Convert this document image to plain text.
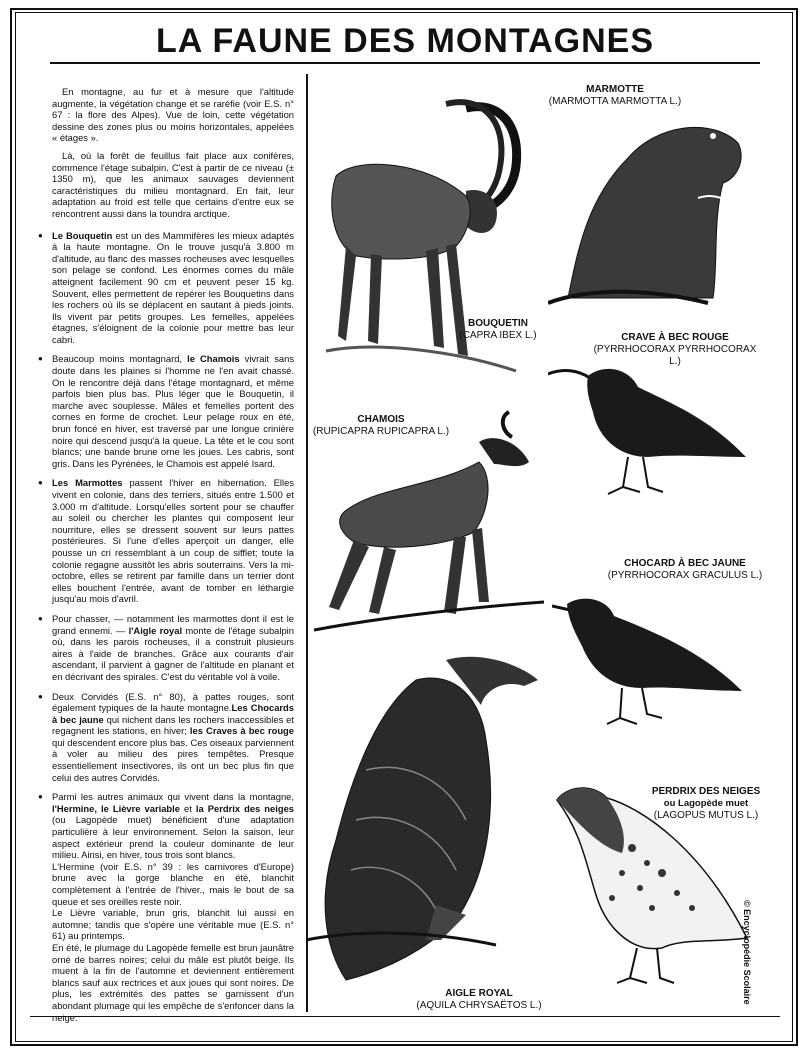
LA FAUNE DES MONTAGNES

En montagne, au fur et à mesure que l'altitude augmente, la végétation change et se raréfie (voir E.S. n° 67 : la flore des Alpes). Vue de loin, cette végétation dessine des zones plus ou moins horizontales, appelées « étages ».

Là, où la forêt de feuillus fait place aux conifères, commence l'étage subalpin. C'est à partir de ce niveau (± 1350 m), que les animaux sauvages deviennent caractéristiques du milieu montagnard. En fait, leur adaptation au froid est telle que certains d'entre eux se rencontrent aussi dans la toundra arctique.

● Le Bouquetin est un des Mammifères les mieux adaptés à la haute montagne. On le trouve jusqu'à 3.800 m d'altitude, au flanc des masses rocheuses avec lesquelles son pelage se confond. Les énormes cornes du mâle atteignent facilement 90 cm et peuvent peser 15 kg. Souvent, elles permettent de repérer les Bouquetins dans les rochers où ils se déplacent en sautant à pieds joints. Ils vivent par petits groupes. Les femelles, appelées étagnes, s'éloignent de la colonie pour mettre bas leur cabri.

● Beaucoup moins montagnard, le Chamois vivrait sans doute dans les plaines si l'homme ne l'en avait chassé. On le rencontre déjà dans l'étage montagnard, et même parfois bien plus bas. Plus léger que le Bouquetin, il marche avec souplesse. Mâles et femelles portent des cornes en forme de crochet. Leur pelage roux en été, brun foncé en hiver, est traversé par une longue crinière noire qui descend jusqu'à la queue. La tête et le cou sont blancs; une bande brune orne les joues. Les cabris, sont gris. Dans les Pyrénées, le Chamois est appelé Isard.

● Les Marmottes passent l'hiver en hibernation. Elles vivent en colonie, dans des terriers, situés entre 1.500 et 3.000 m d'altitude. Lorsqu'elles sortent pour se chauffer au soleil ou chercher les plantes qui composent leur nourriture, elles se dressent souvent sur leurs pattes postérieures. Si l'une d'elles aperçoit un danger, elle pousse un cri ressemblant à un coup de sifflet; toute la colonie regagne aussitôt les abris souterrains. Vers la mi-octobre, elles se retirent par famille dans un terrier dont elles bouchent l'entrée, avant de tomber en léthargie jusqu'au mois d'avril.

● Pour chasser, — notamment les marmottes dont il est le grand ennemi. — l'Aigle royal monte de l'étage subalpin où, dans les parois rocheuses, il a construit plusieurs aires à l'aide de branches. Grâce aux courants d'air ascendant, il parvient à gagner de l'altitude en planant et en décrivant des spirales. C'est du véritable vol à voile.

● Deux Corvidés (E.S. n° 80), à pattes rouges, sont également typiques de la haute montagne.Les Chocards à bec jaune qui nichent dans les rochers inaccessibles et regagnent les stations, en hiver; les Craves à bec rouge qui descendent encore plus bas. Ces oiseaux parviennent à voler au milieu des pires tempêtes. Presque essentiellement insectivores, ils ont un bec plus fin que celui des autres Corvidés.

● Parmi les autres animaux qui vivent dans la montagne, l'Hermine, le Lièvre variable et la Perdrix des neiges (ou Lagopède muet) bénéficient d'une adaptation particulière à leur environnement. Selon la saison, leur aspect extérieur prend la couleur dominante de leur milieu. Ainsi, en hiver, tous trois sont blancs.

L'Hermine (voir E.S. n° 39 : les carnivores d'Europe) brune avec la gorge blanche en été, blanchit complètement à l'entrée de l'hiver., mais le bout de sa queue et ses oreilles reste noir.

Le Lièvre variable, brun gris, blanchit lui aussi en automne; tandis que s'opère une véritable mue (E.S. n° 61) au printemps.

En été, le plumage du Lagopède femelle est brun jaunâtre orné de barres noires; celui du mâle est plutôt beige. Ils muent à la fin de l'automne et deviennent entièrement blancs sauf aux rectrices et aux joues qui sont noires. De plus, les extrémités des pattes se garnissent d'un abondant plumage qui les empêche de s'enfoncer dans la neige.

BOUQUETIN
(CAPRA IBEX L.)
MARMOTTE
(MARMOTTA MARMOTTA L.)
CRAVE À BEC ROUGE
(PYRRHOCORAX PYRRHOCORAX L.)
CHAMOIS
(RUPICAPRA RUPICAPRA L.)
CHOCARD À BEC JAUNE
(PYRRHOCORAX GRACULUS L.)
AIGLE ROYAL
(AQUILA CHRYSAËTOS L.)
PERDRIX DES NEIGES
ou Lagopède muet
(LAGOPUS MUTUS L.)
© Encyclopédie Scolaire
